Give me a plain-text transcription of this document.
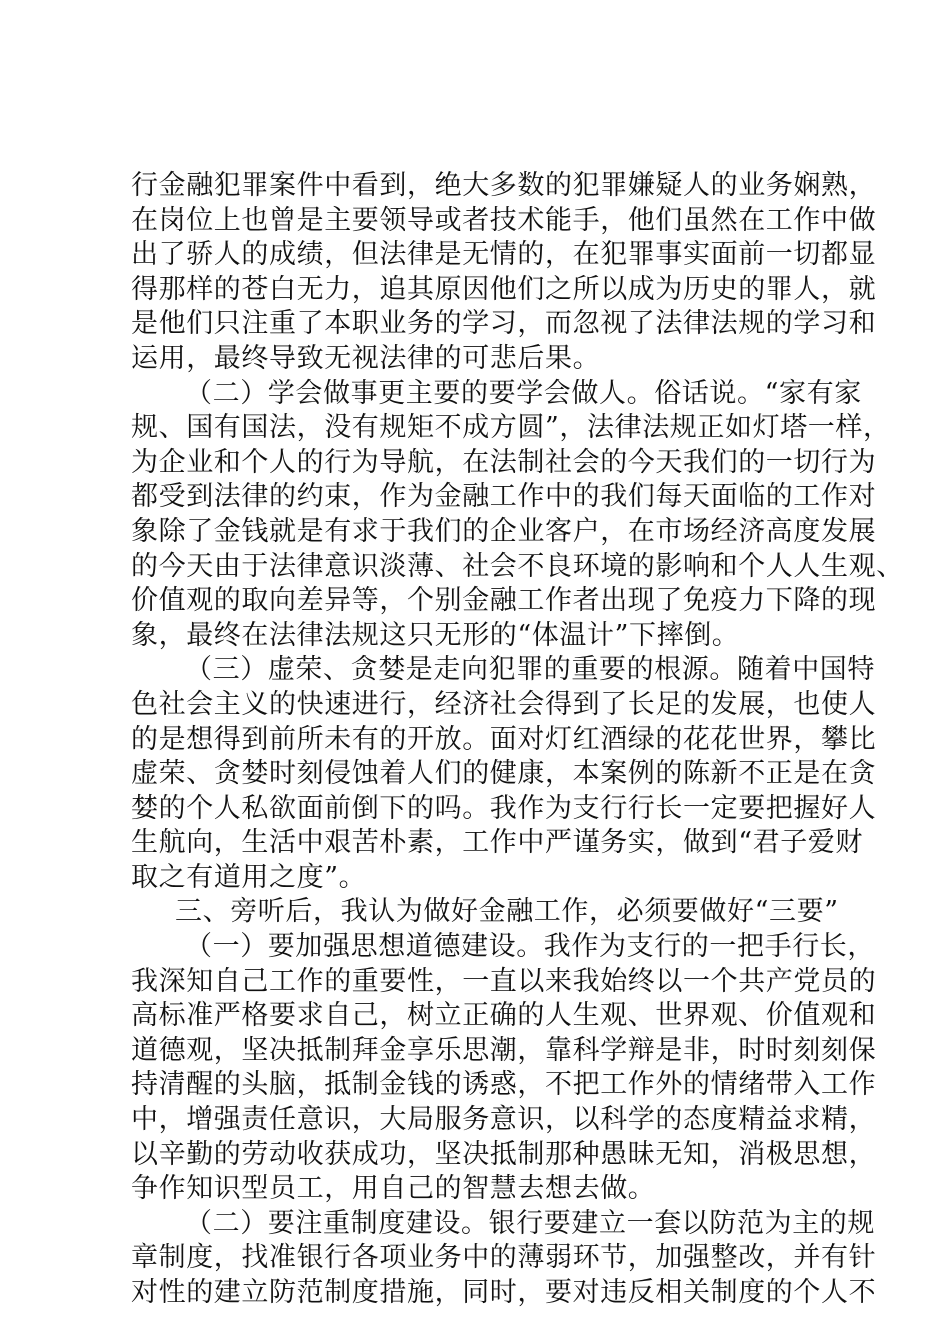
行金融犯罪案件中看到，绝大多数的犯罪嫌疑人的业务娴熟，
在岗位上也曾是主要领导或者技术能手，他们虽然在工作中做
出了骄人的成绩，但法律是无情的，在犯罪事实面前一切都显
得那样的苍白无力，追其原因他们之所以成为历史的罪人，就
是他们只注重了本职业务的学习，而忽视了法律法规的学习和
运用，最终导致无视法律的可悲后果。
（二）学会做事更主要的要学会做人。俗话说。“家有家
规、国有国法，没有规矩不成方圆”，法律法规正如灯塔一样，
为企业和个人的行为导航，在法制社会的今天我们的一切行为
都受到法律的约束，作为金融工作中的我们每天面临的工作对
象除了金钱就是有求于我们的企业客户，在市场经济高度发展
的今天由于法律意识淡薄、社会不良环境的影响和个人人生观、
价值观的取向差异等，个别金融工作者出现了免疫力下降的现
象，最终在法律法规这只无形的“体温计”下摔倒。
（三）虚荣、贪婪是走向犯罪的重要的根源。随着中国特
色社会主义的快速进行，经济社会得到了长足的发展，也使人
的是想得到前所未有的开放。面对灯红酒绿的花花世界，攀比
虚荣、贪婪时刻侵蚀着人们的健康，本案例的陈新不正是在贪
婪的个人私欲面前倒下的吗。我作为支行行长一定要把握好人
生航向，生活中艰苦朴素，工作中严谨务实，做到“君子爱财
取之有道用之度”。
三、旁听后，我认为做好金融工作，必须要做好“三要”
（一）要加强思想道德建设。我作为支行的一把手行长，
我深知自己工作的重要性，一直以来我始终以一个共产党员的
高标准严格要求自己，树立正确的人生观、世界观、价值观和
道德观，坚决抵制拜金享乐思潮，靠科学辩是非，时时刻刻保
持清醒的头脑，抵制金钱的诱惑，不把工作外的情绪带入工作
中，增强责任意识，大局服务意识，以科学的态度精益求精，
以辛勤的劳动收获成功，坚决抵制那种愚昧无知，消极思想，
争作知识型员工，用自己的智慧去想去做。
（二）要注重制度建设。银行要建立一套以防范为主的规
章制度，找准银行各项业务中的薄弱环节，加强整改，并有针
对性的建立防范制度措施，同时，要对违反相关制度的个人不
